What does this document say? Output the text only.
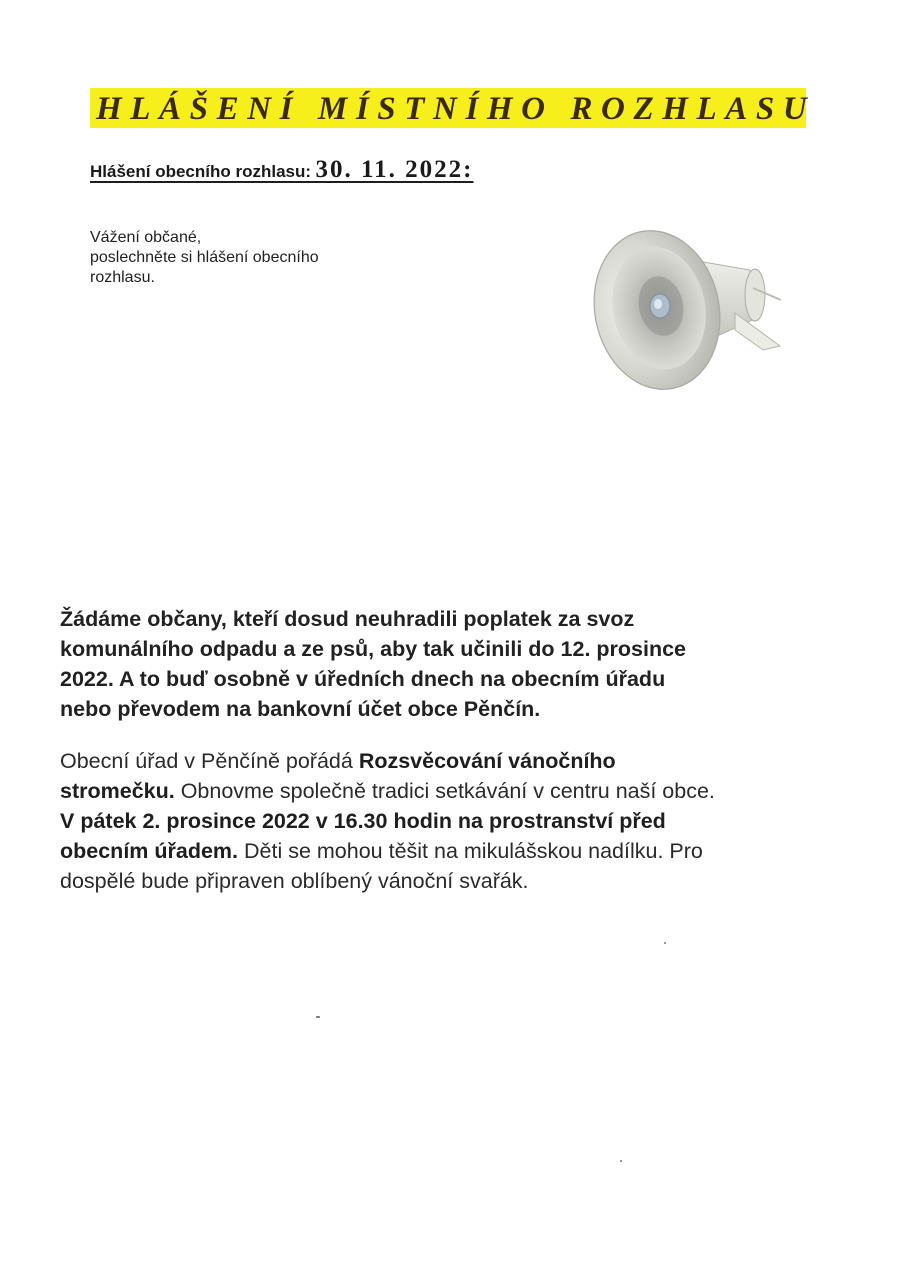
HLÁŠENÍ MÍSTNÍHO ROZHLASU
Hlášení obecního rozhlasu: 30. 11. 2022:
Vážení občané,
poslechněte si hlášení obecního
rozhlasu.
Žádáme občany, kteří dosud neuhradili poplatek za svoz
komunálního odpadu a ze psů, aby tak učinili do 12. prosince
2022. A to buď osobně v úředních dnech na obecním úřadu
nebo převodem na bankovní účet obce Pěnčín.
Obecní úřad v Pěnčíně pořádá Rozsvěcování vánočního
stromečku. Obnovme společně tradici setkávání v centru naší obce.
V pátek 2. prosince 2022 v 16.30 hodin na prostranství před
obecním úřadem. Děti se mohou těšit na mikulášskou nadílku. Pro
dospělé bude připraven oblíbený vánoční svařák.
